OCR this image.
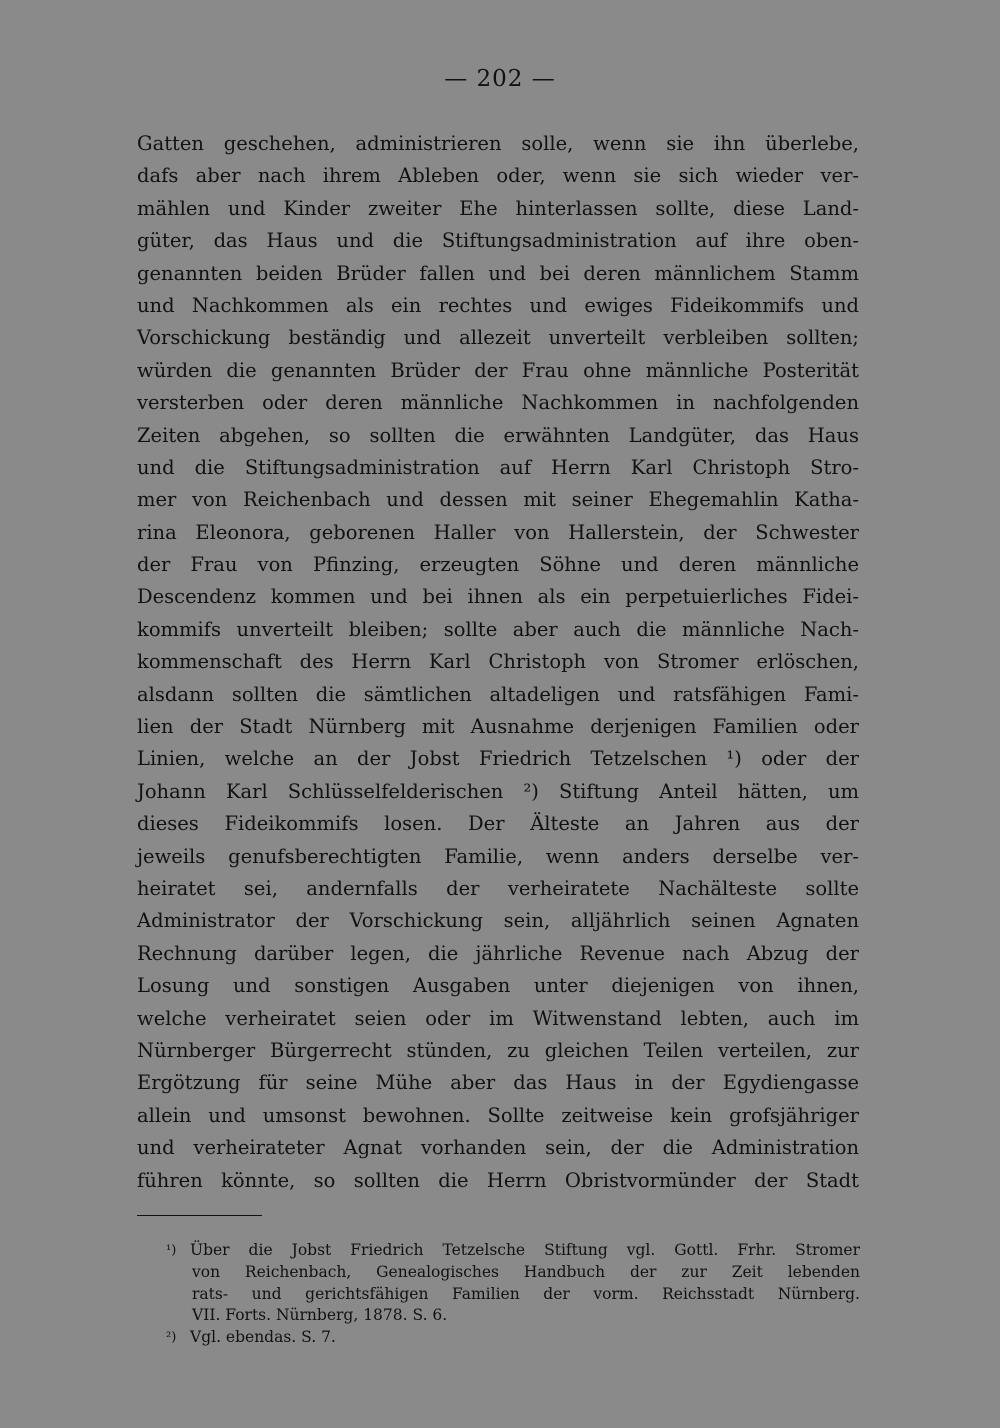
— 202 —
Gatten geschehen, administrieren solle, wenn sie ihn überlebe,
dafs aber nach ihrem Ableben oder, wenn sie sich wieder ver-
mählen und Kinder zweiter Ehe hinterlassen sollte, diese Land-
güter, das Haus und die Stiftungsadministration auf ihre oben-
genannten beiden Brüder fallen und bei deren männlichem Stamm
und Nachkommen als ein rechtes und ewiges Fideikommifs und
Vorschickung beständig und allezeit unverteilt verbleiben sollten;
würden die genannten Brüder der Frau ohne männliche Posterität
versterben oder deren männliche Nachkommen in nachfolgenden
Zeiten abgehen, so sollten die erwähnten Landgüter, das Haus
und die Stiftungsadministration auf Herrn Karl Christoph Stro-
mer von Reichenbach und dessen mit seiner Ehegemahlin Katha-
rina Eleonora, geborenen Haller von Hallerstein, der Schwester
der Frau von Pfinzing, erzeugten Söhne und deren männliche
Descendenz kommen und bei ihnen als ein perpetuierliches Fidei-
kommifs unverteilt bleiben; sollte aber auch die männliche Nach-
kommenschaft des Herrn Karl Christoph von Stromer erlöschen,
alsdann sollten die sämtlichen altadeligen und ratsfähigen Fami-
lien der Stadt Nürnberg mit Ausnahme derjenigen Familien oder
Linien, welche an der Jobst Friedrich Tetzelschen ¹) oder der
Johann Karl Schlüsselfelderischen ²) Stiftung Anteil hätten, um
dieses Fideikommifs losen. Der Älteste an Jahren aus der
jeweils genufsberechtigten Familie, wenn anders derselbe ver-
heiratet sei, andernfalls der verheiratete Nachälteste sollte
Administrator der Vorschickung sein, alljährlich seinen Agnaten
Rechnung darüber legen, die jährliche Revenue nach Abzug der
Losung und sonstigen Ausgaben unter diejenigen von ihnen,
welche verheiratet seien oder im Witwenstand lebten, auch im
Nürnberger Bürgerrecht stünden, zu gleichen Teilen verteilen, zur
Ergötzung für seine Mühe aber das Haus in der Egydiengasse
allein und umsonst bewohnen. Sollte zeitweise kein grofsjähriger
und verheirateter Agnat vorhanden sein, der die Administration
führen könnte, so sollten die Herrn Obristvormünder der Stadt
¹) Über die Jobst Friedrich Tetzelsche Stiftung vgl. Gottl. Frhr. Stromer
von Reichenbach, Genealogisches Handbuch der zur Zeit lebenden
rats- und gerichtsfähigen Familien der vorm. Reichsstadt Nürnberg.
VII. Forts. Nürnberg, 1878. S. 6.
²) Vgl. ebendas. S. 7.
